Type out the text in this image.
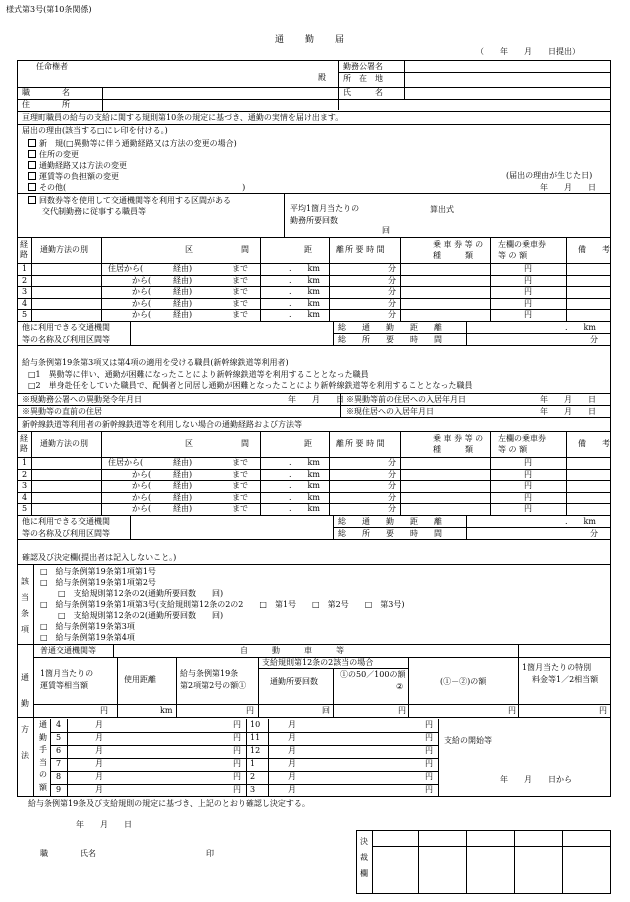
様式第3号(第10条関係)
通　　勤　　届
（　　年　　月　　日提出）
任命権者
殿
勤務公署名
所　在　地
職　　　　名	氏　　　名
住　　　　所
亘理町職員の給与の支給に関する規則第10条の規定に基づき、通勤の実情を届け出ます。
届出の理由(該当する□にレ印を付ける。)
新　規(□異動等に伴う通勤経路又は方法の変更の場合)
住所の変更
通勤経路又は方法の変更
運賃等の負担額の変更
その他(　　　　　　　　　　　　　　　　　　　　　　)
(届出の理由が生じた日)
年　　月　　日
回数券等を使用して交通機関等を利用する区間がある
交代制勤務に従事する職員等	平均1箇月当たりの
勤務所要回数
算出式
回
給与条例第19条第3項又は第4項の適用を受ける職員(新幹線鉄道等利用者)
□1　異動等に伴い、通勤が困難になったことにより新幹線鉄道等を利用することとなった職員
□2　単身赴任をしていた職員で、配偶者と同居し通勤が困難となったことにより新幹線鉄道等を利用することとなった職員
※現勤務公署への異動発令年月日	年　　月　　日 ※異動等前の住居への入居年月日	年　　月　　日
※異動等の直前の住居	※現住居への入居年月日	年　　月　　日
新幹線鉄道等利用者の新幹線鉄道等を利用しない場合の通勤経路および方法等
確認及び決定欄(提出者は記入しないこと。)
給与条例第19条及び支給規則の規定に基づき、上記のとおり確認し決定する。
年　　月　　日
職　　　　氏名	印
経路
通勤方法の別	区　　　　　　間	距　　　離 所 要 時 間
乗 車 券 等 の
種　　　類
左欄の乗車券
等 の 額
備　　考
1	住居から(	経由)	まで	.　　km	分	円
2	から(	経由)	まで	.　　km	分	円
3	から(	経由)	まで	.　　km	分	円
4	から(	経由)	まで	.　　km	分	円
5	から(	経由)	まで	.　　km	分	円
他に利用できる交通機関
等の名称及び利用区間等
総　　通　　勤　　距　　離	.　　km
総　　所　　要　　時　　間	分
経路
通勤方法の別	区　　　　　　間	距　　　離 所 要 時 間
乗 車 券 等 の
種　　　類
左欄の乗車券
等 の 額
備　　考
1	住居から(	経由)	まで	.　　km	分	円
2	から(	経由)	まで	.　　km	分	円
3	から(	経由)	まで	.　　km	分	円
4	から(	経由)	まで	.　　km	分	円
5	から(	経由)	まで	.　　km	分	円
他に利用できる交通機関
等の名称及び利用区間等
総　　通　　勤　　距　　離	.　　km
総　　所　　要　　時　　間	分
該
当
条
項
□　給与条例第19条第1項第1号
□　給与条例第19条第1項第2号
□　支給規則第12条の2(通勤所要回数　　回)
□　給与条例第19条第1項第3号(支給規則第12条の2の2　　□　第1号　　□　第2号　　□　第3号)
□　支給規則第12条の2(通勤所要回数　　回)
□　給与条例第19条第3項
□　給与条例第19条第4項
通
勤
方
法
普通交通機関等	自　　　動　　　車　　　等
1箇月当たりの
運賃等相当額
使用距離
給与条例第19条
第2項第2号の額①
支給規則第12条の2該当の場合
通勤所要回数
①の50／100の額
②
(①－②)の額
1箇月当たりの特別
料金等1／2相当額
円	km	円	回	円	円	円
通
勤
手
当
の
額
4	月	円 10	月	円
5	月	円 11	月	円
6	月	円 12	月	円
7	月	円 1	月	円
8	月	円 2	月	円
9	月	円 3	月	円
支給の開始等
年　　月　　日から
決
裁
欄
